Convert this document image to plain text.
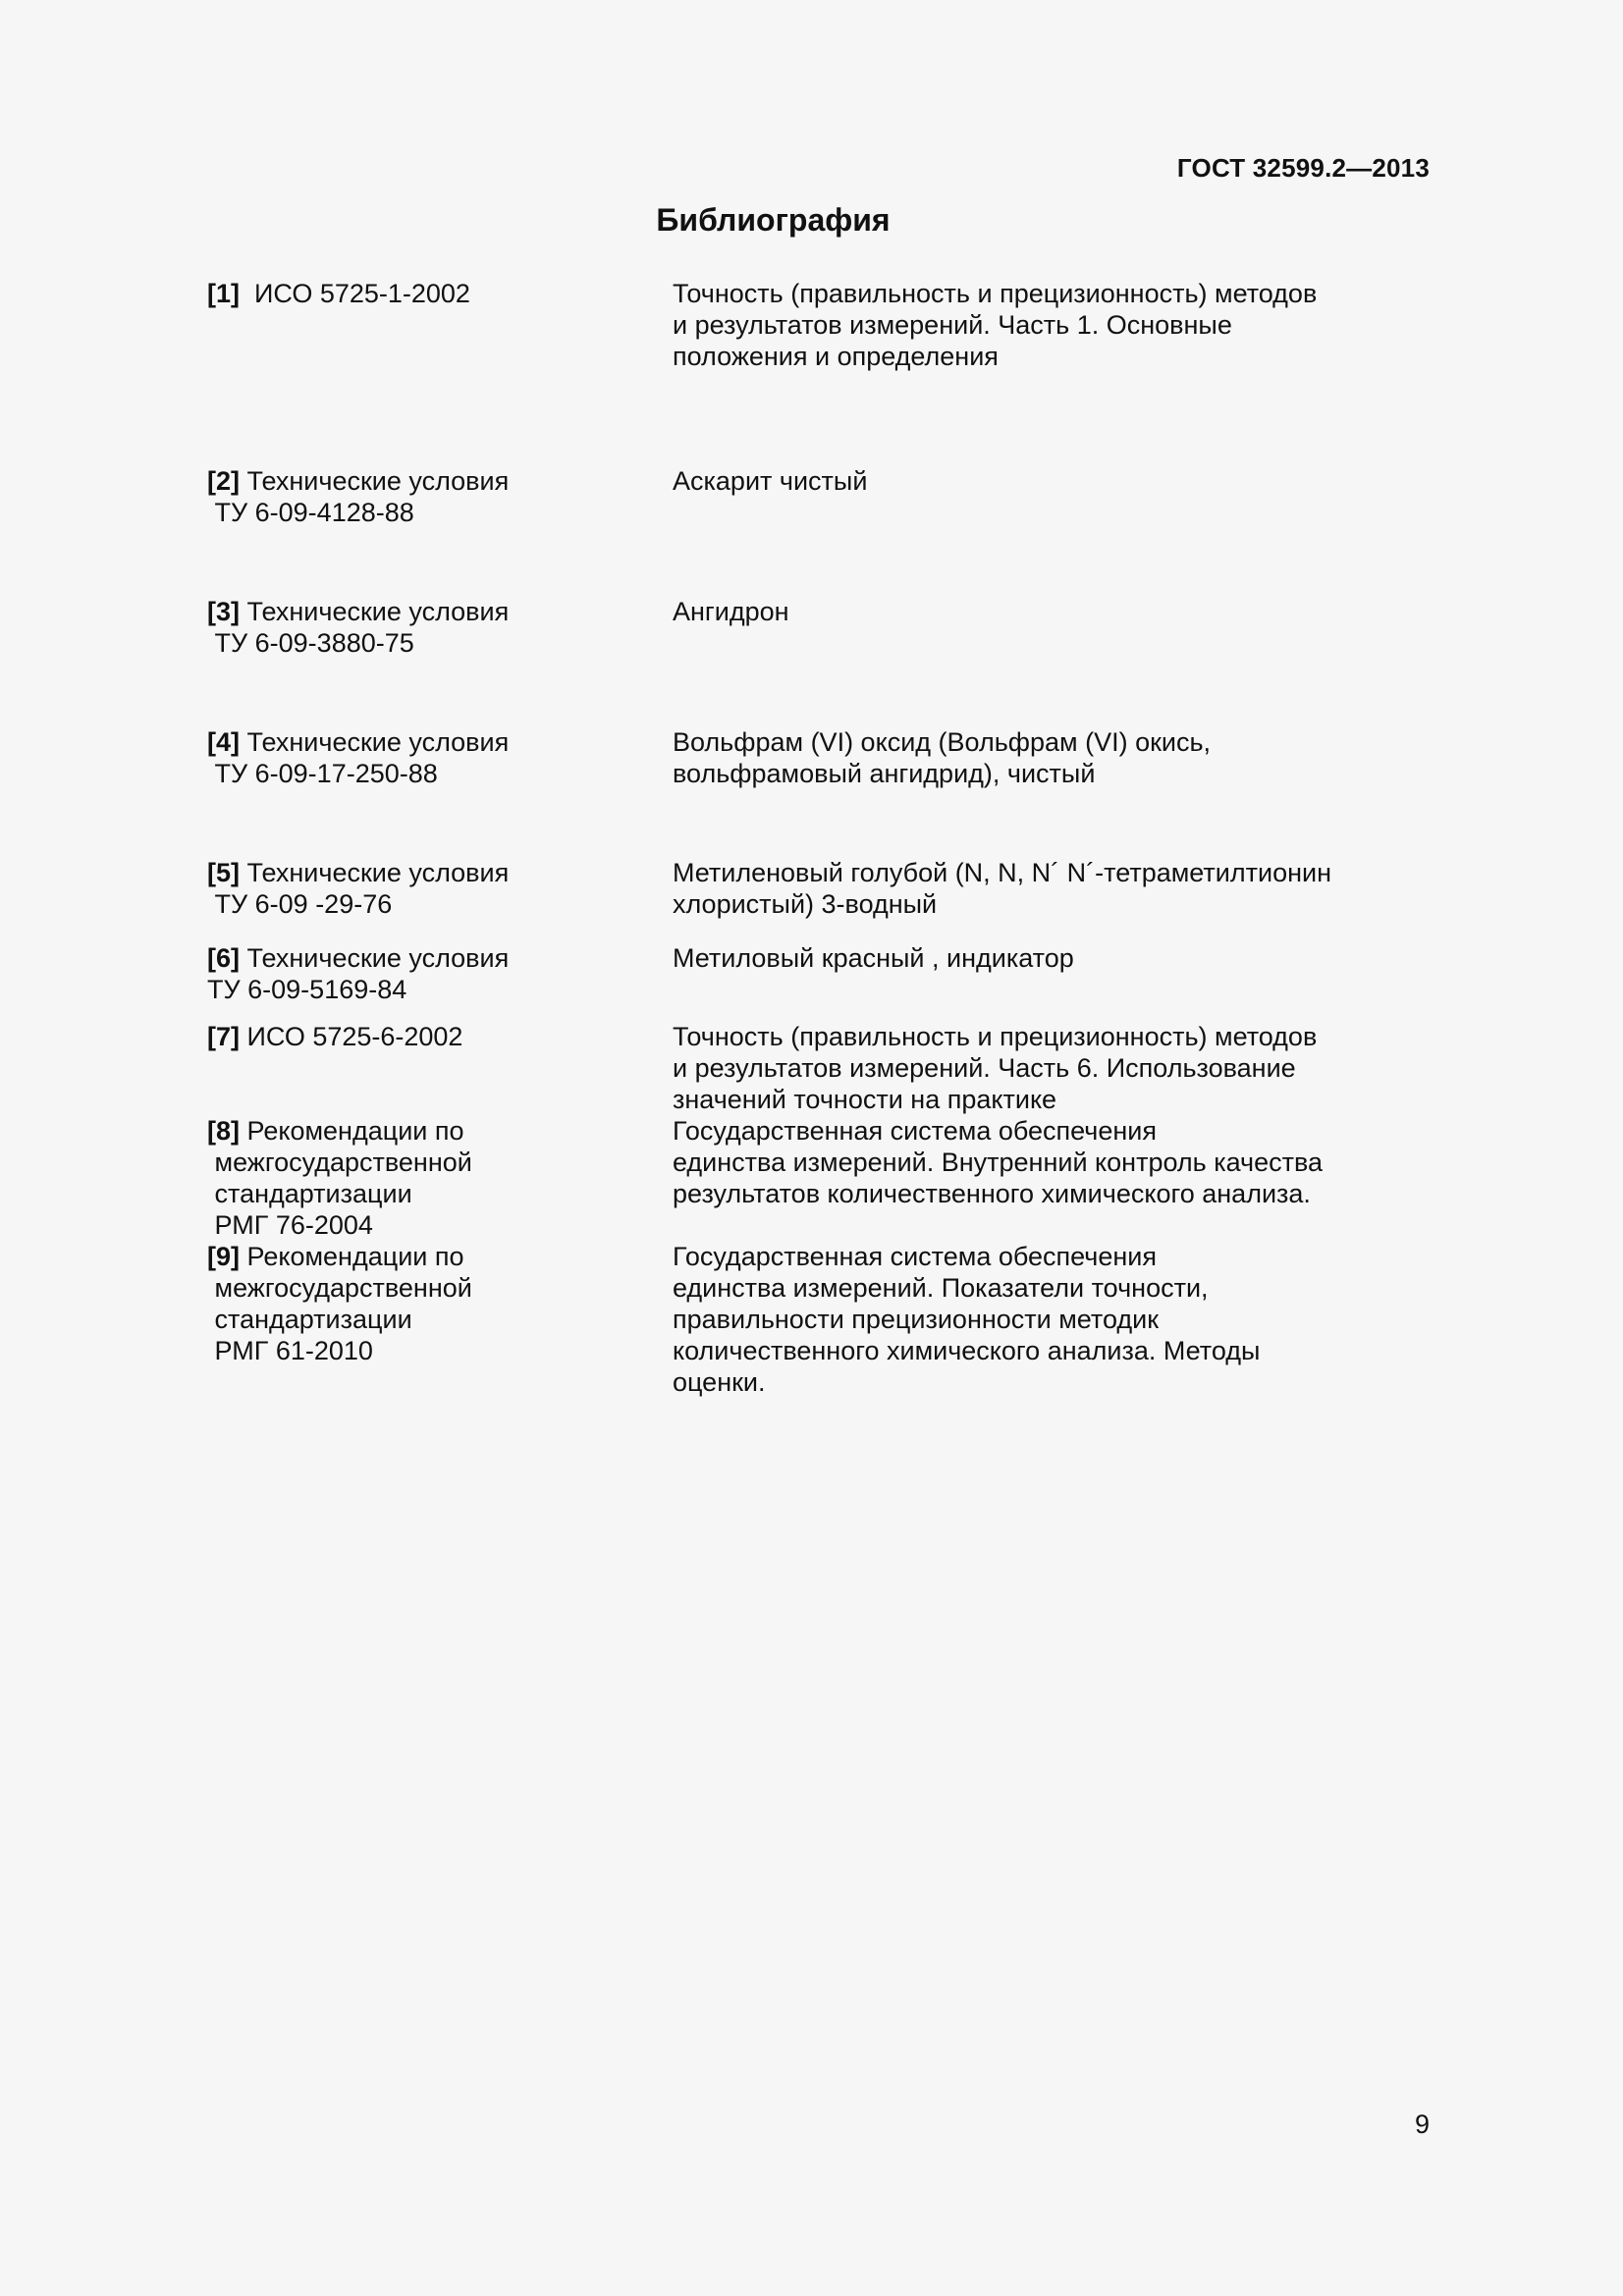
ГОСТ 32599.2—2013
Библиография
[1]  ИСО 5725-1-2002	Точность (правильность и прецизионность) методов
и результатов измерений. Часть 1. Основные
положения и определения
[2] Технические условия
ТУ 6-09-4128-88
Аскарит чистый
[3] Технические условия
ТУ 6-09-3880-75
Ангидрон
[4] Технические условия
ТУ 6-09-17-250-88
Вольфрам (VI) оксид (Вольфрам (VI) окись,
вольфрамовый ангидрид), чистый
[5] Технические условия
ТУ 6-09 -29-76
Метиленовый голубой (N, N, N´ N´-тетраметилтионин
хлористый) 3-водный
[6] Технические условия
ТУ 6-09-5169-84
Метиловый красный , индикатор
[7] ИСО 5725-6-2002	Точность (правильность и прецизионность) методов
и результатов измерений. Часть 6. Использование
значений точности на практике
[8] Рекомендации по
межгосударственной
стандартизации
РМГ 76-2004
Государственная система обеспечения
единства измерений. Внутренний контроль качества
результатов количественного химического анализа.
[9] Рекомендации по
межгосударственной
стандартизации
РМГ 61-2010
Государственная система обеспечения
единства измерений. Показатели точности,
правильности прецизионности методик
количественного химического анализа. Методы
оценки.
9
